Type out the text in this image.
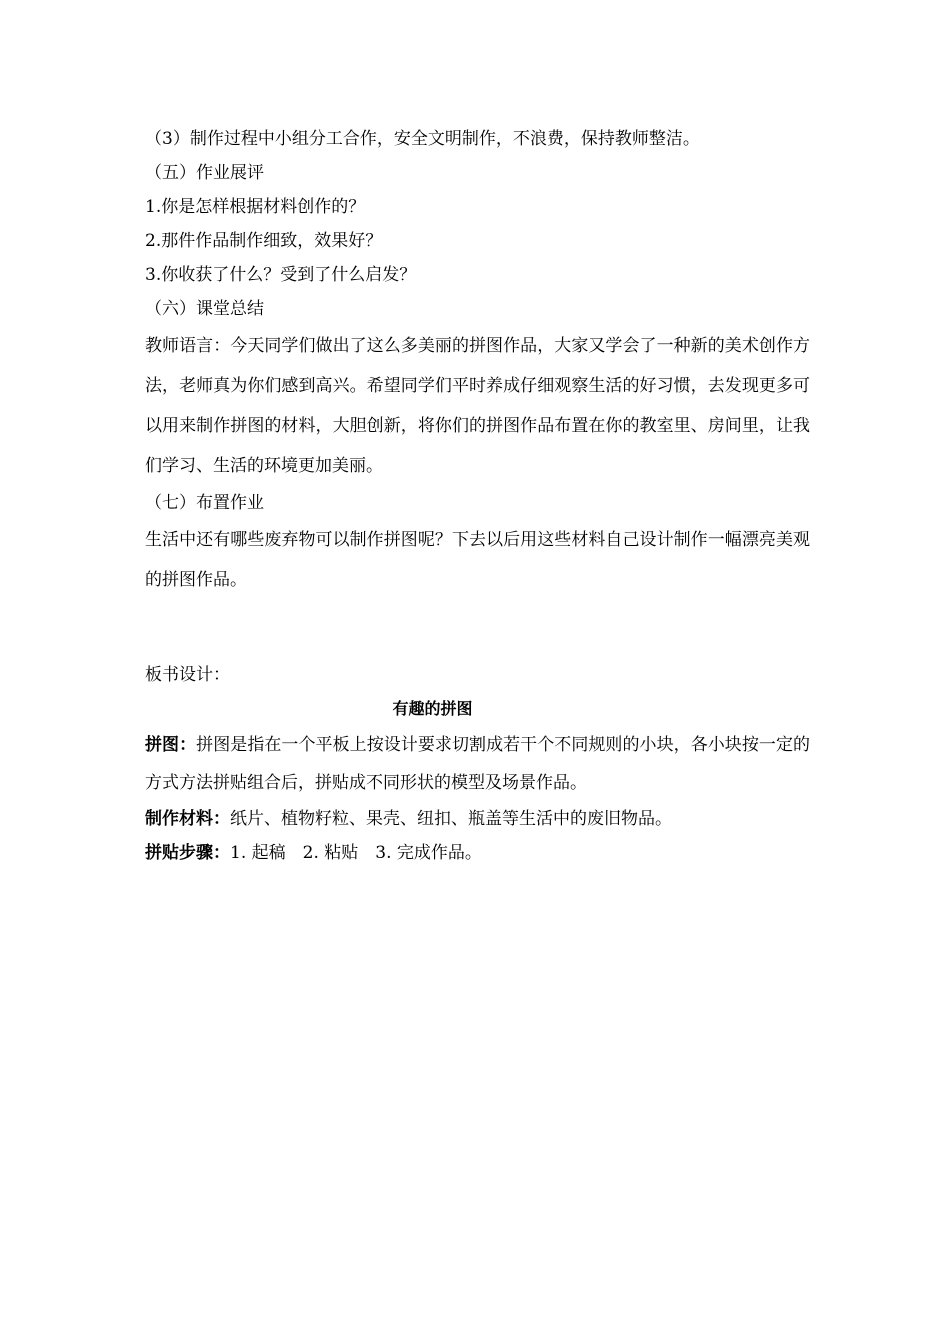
（3）制作过程中小组分工合作，安全文明制作，不浪费，保持教师整洁。

（五）作业展评

1.你是怎样根据材料创作的？

2.那件作品制作细致，效果好？

3.你收获了什么？受到了什么启发？

（六）课堂总结

教师语言：今天同学们做出了这么多美丽的拼图作品，大家又学会了一种新的美术创作方法，老师真为你们感到高兴。希望同学们平时养成仔细观察生活的好习惯，去发现更多可以用来制作拼图的材料，大胆创新，将你们的拼图作品布置在你的教室里、房间里，让我们学习、生活的环境更加美丽。

（七）布置作业

生活中还有哪些废弃物可以制作拼图呢？下去以后用这些材料自己设计制作一幅漂亮美观的拼图作品。

板书设计：

有趣的拼图

拼图：拼图是指在一个平板上按设计要求切割成若干个不同规则的小块，各小块按一定的方式方法拼贴组合后，拼贴成不同形状的模型及场景作品。

制作材料：纸片、植物籽粒、果壳、纽扣、瓶盖等生活中的废旧物品。

拼贴步骤：1. 起稿　2. 粘贴　3. 完成作品。
